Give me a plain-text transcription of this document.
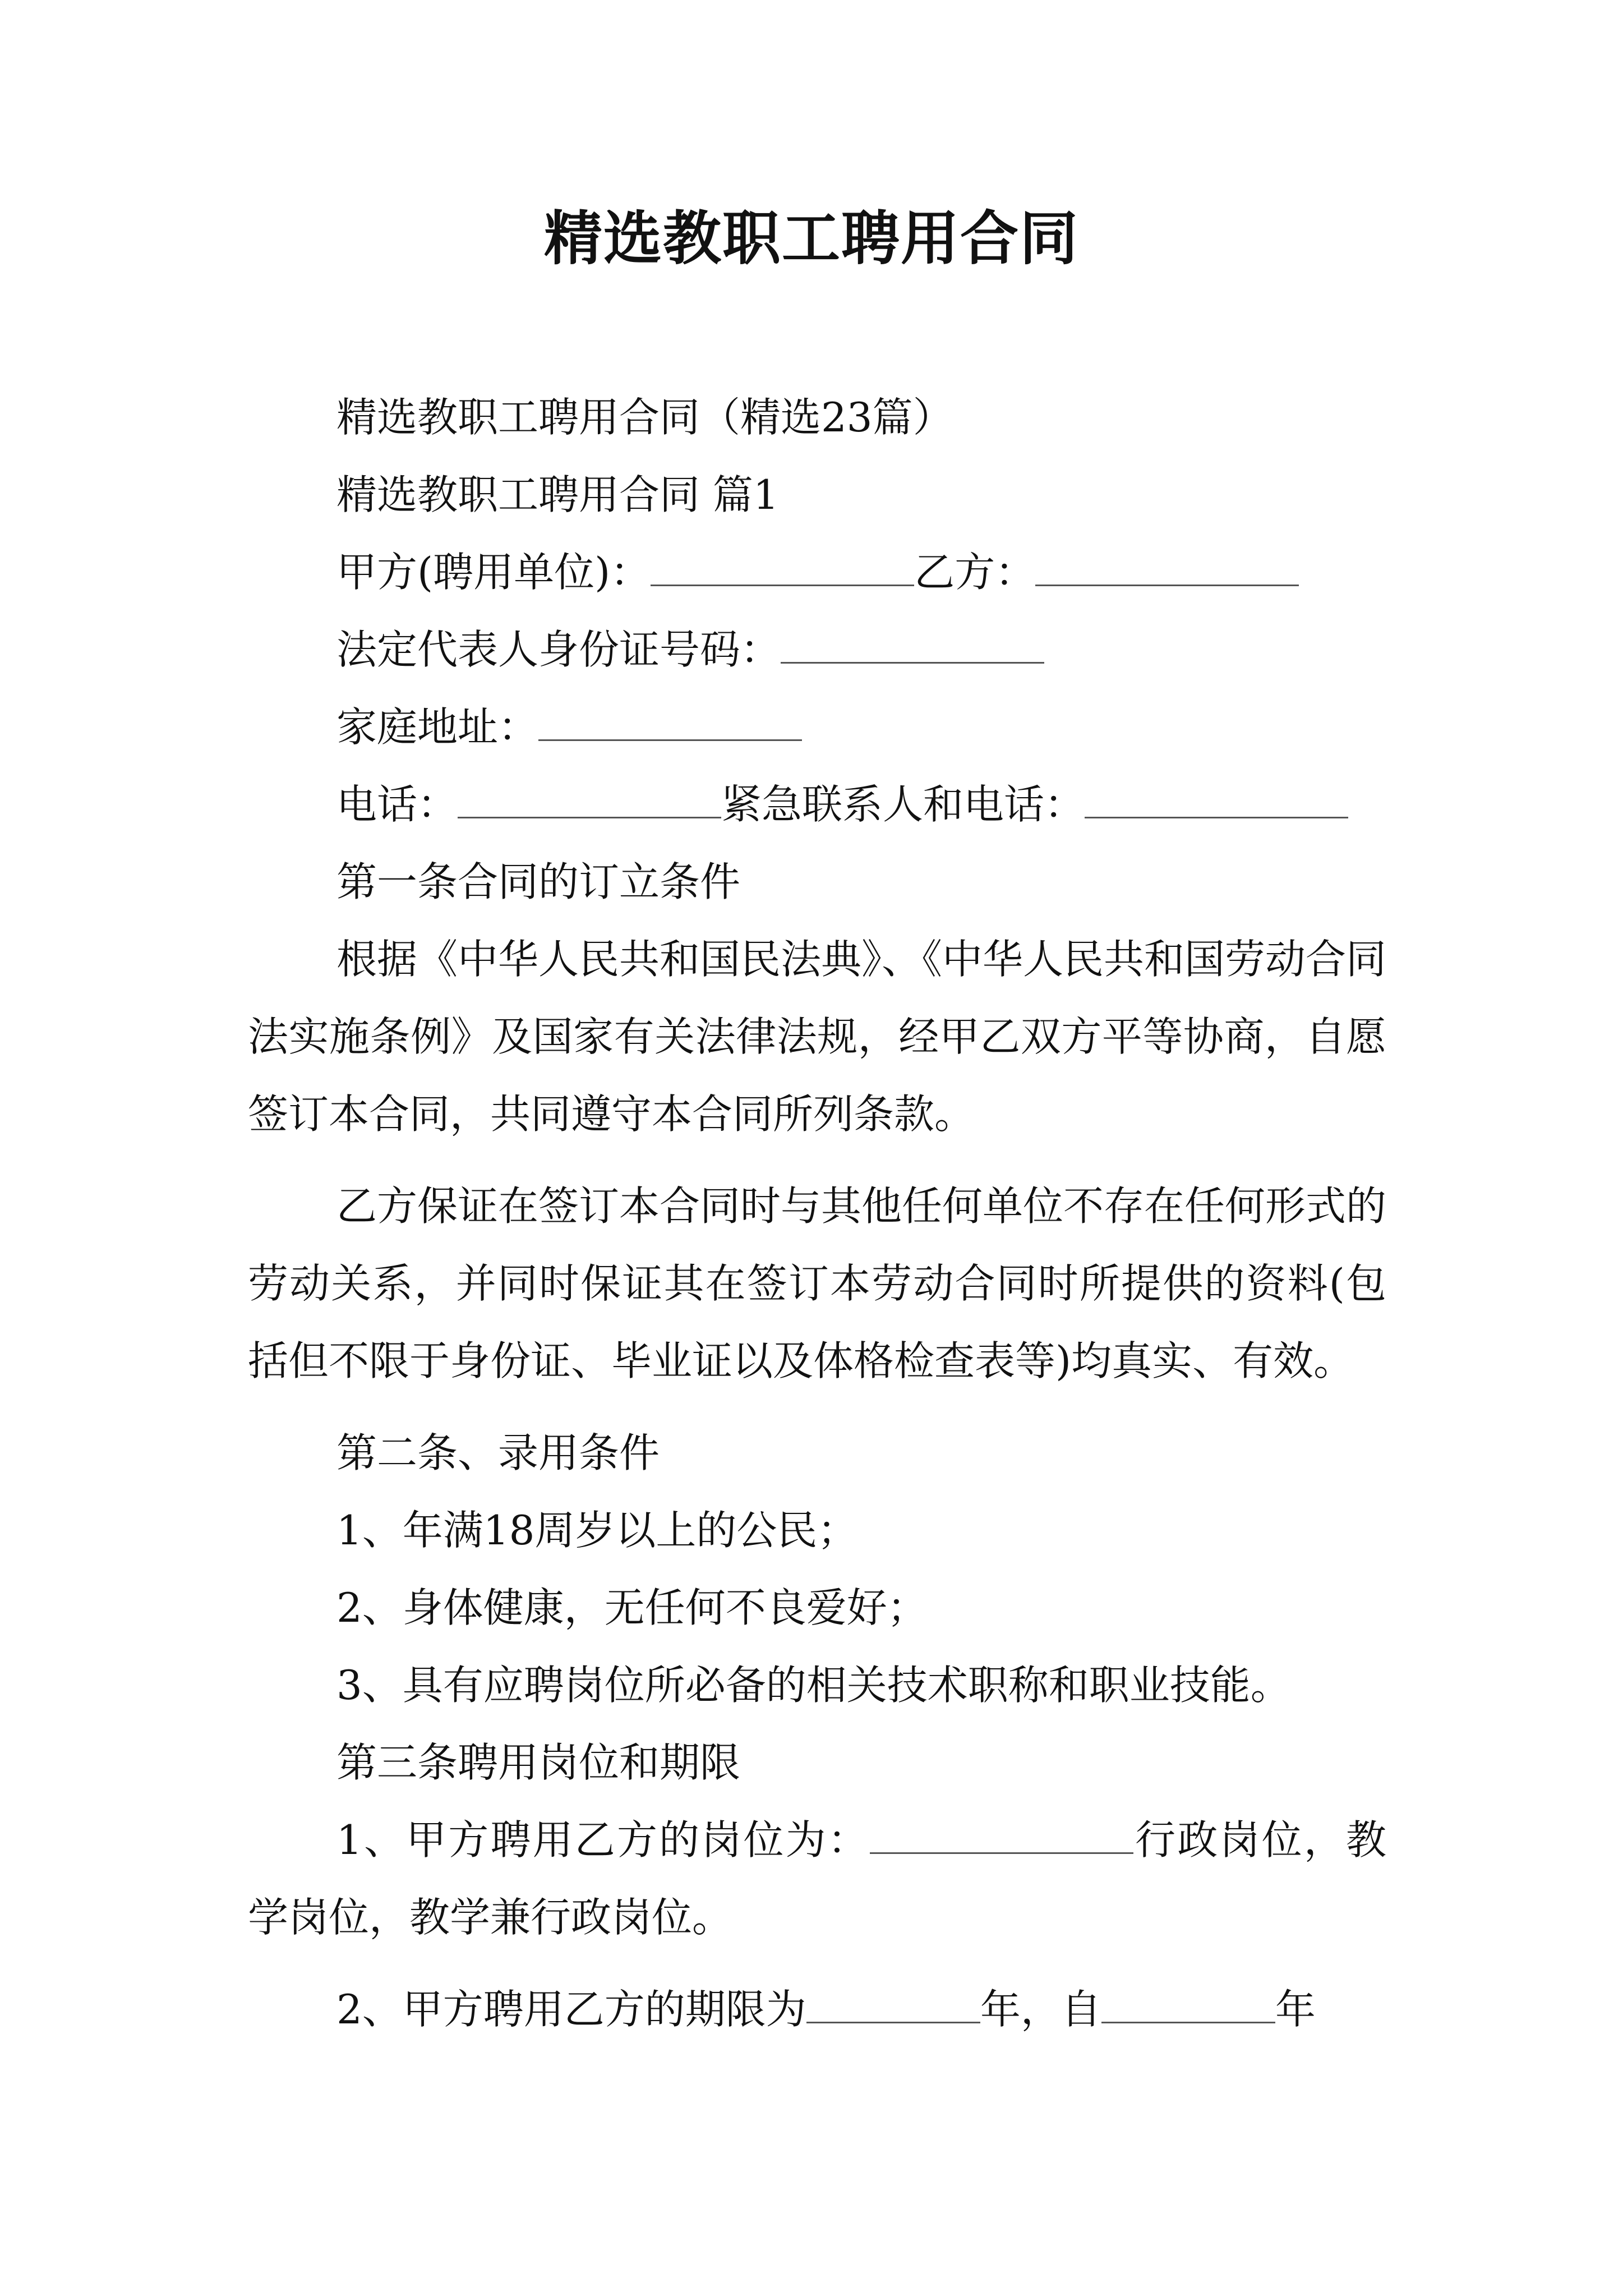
精选教职工聘用合同
精选教职工聘用合同（精选23篇）
精选教职工聘用合同 篇1
甲方(聘用单位)：	乙方：
法定代表人身份证号码：
家庭地址：
电话：	紧急联系人和电话：
第一条合同的订立条件
根据《中华人民共和国民法典》、《中华人民共和国劳动合同法实施条例》及国家有关法律法规，经甲乙双方平等协商，自愿签订本合同，共同遵守本合同所列条款。
乙方保证在签订本合同时与其他任何单位不存在任何形式的劳动关系，并同时保证其在签订本劳动合同时所提供的资料(包括但不限于身份证、毕业证以及体格检查表等)均真实、有效。
第二条、录用条件
1、年满18周岁以上的公民；
2、身体健康，无任何不良爱好；
3、具有应聘岗位所必备的相关技术职称和职业技能。
第三条聘用岗位和期限
1、甲方聘用乙方的岗位为：	行政岗位，教学岗位，教学兼行政岗位。
2、甲方聘用乙方的期限为	年，自	年
